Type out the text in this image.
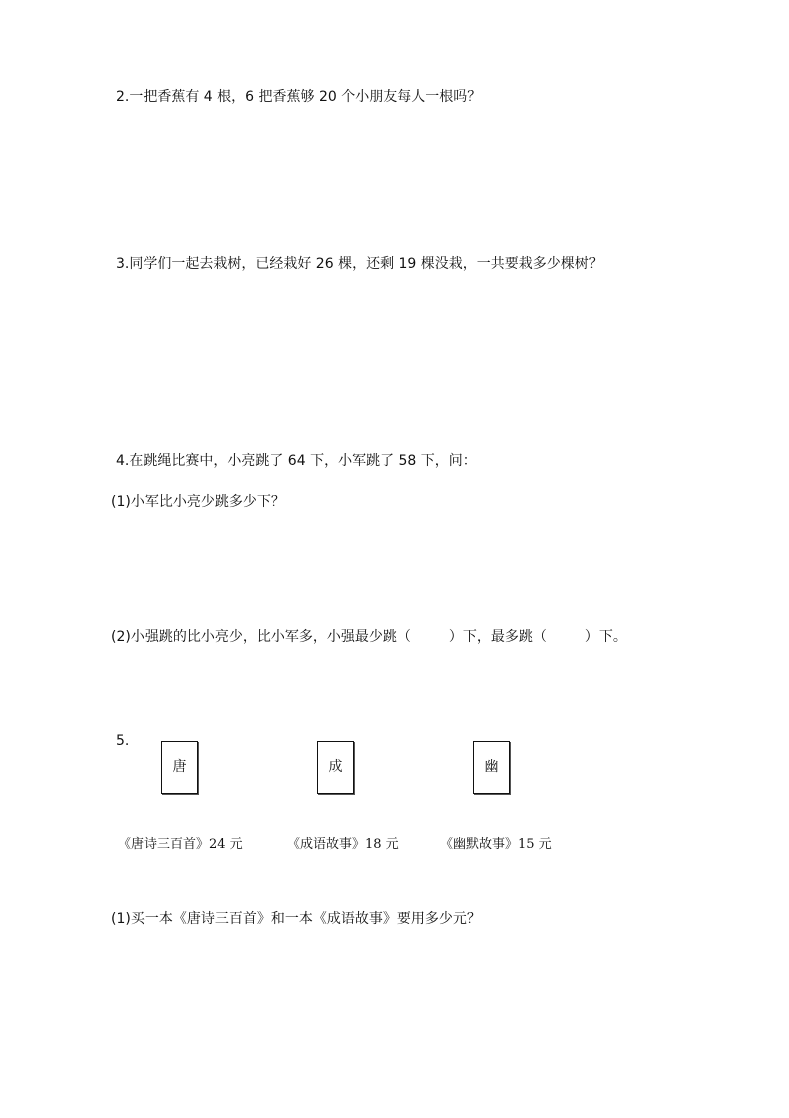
2.一把香蕉有 4 根，6 把香蕉够 20 个小朋友每人一根吗？
3.同学们一起去栽树，已经栽好 26 棵，还剩 19 棵没栽，一共要栽多少棵树？
4.在跳绳比赛中，小亮跳了 64 下，小军跳了 58 下，问：
(1)小军比小亮少跳多少下？
(2)小强跳的比小亮少，比小军多，小强最少跳（	）下，最多跳（	）下。
5.
唐	成	幽
《唐诗三百首》24 元	《成语故事》18 元	《幽默故事》15 元
(1)买一本《唐诗三百首》和一本《成语故事》要用多少元？
